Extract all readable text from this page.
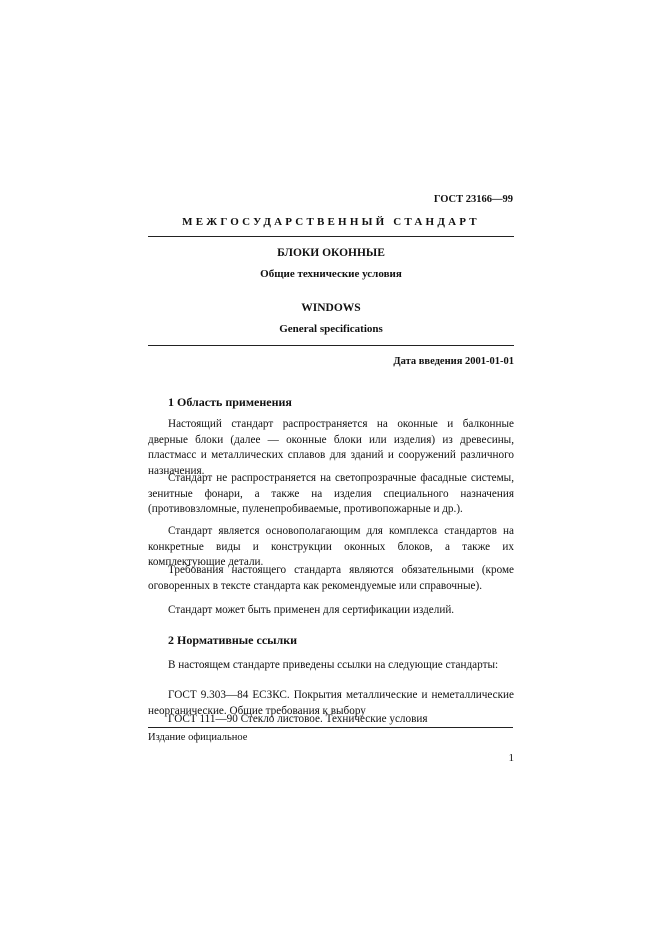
ГОСТ 23166—99
МЕЖГОСУДАРСТВЕННЫЙ СТАНДАРТ
БЛОКИ ОКОННЫЕ
Общие технические условия
WINDOWS
General specifications
Дата введения 2001-01-01
1 Область применения

Настоящий стандарт распространяется на оконные и балконные дверные блоки (далее — оконные блоки или изделия) из древесины, пластмасс и металлических сплавов для зданий и сооружений различного назначения.

Стандарт не распространяется на светопрозрачные фасадные системы, зенитные фонари, а также на изделия специального назначения (противовзломные, пуленепробиваемые, противопожарные и др.).

Стандарт является основополагающим для комплекса стандартов на конкретные виды и конструкции оконных блоков, а также их комплектующие детали.

Требования настоящего стандарта являются обязательными (кроме оговоренных в тексте стандарта как рекомендуемые или справочные).

Стандарт может быть применен для сертификации изделий.

2 Нормативные ссылки

В настоящем стандарте приведены ссылки на следующие стандарты:

ГОСТ 9.303—84 ЕСЗКС. Покрытия металлические и неметаллические неорганические. Общие требования к выбору

ГОСТ 111—90 Стекло листовое. Технические условия

Издание официальное
1
